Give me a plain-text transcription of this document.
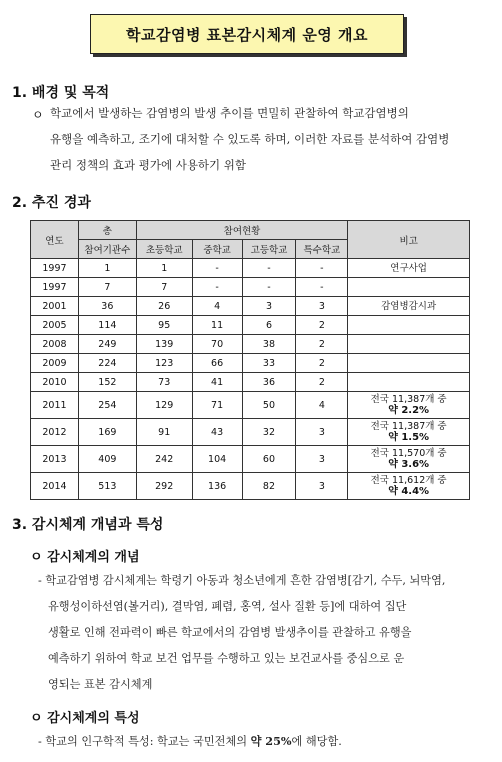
학교감염병 표본감시체계 운영 개요
1. 배경 및 목적
ㅇ 학교에서 발생하는 감염병의 발생 추이를 면밀히 관찰하여 학교감염병의
유행을 예측하고, 조기에 대처할 수 있도록 하며, 이러한 자료를 분석하여 감염병
관리 정책의 효과 평가에 사용하기 위함
2. 추진 경과
연도	총	참여현황				비고
	참여기관수	초등학교	중학교	고등학교	특수학교	
1997	1	1	-	-	-	연구사업
1997	7	7	-	-	-	
2001	36	26	4	3	3	감염병감시과
2005	114	95	11	6	2	
2008	249	139	70	38	2	
2009	224	123	66	33	2	
2010	152	73	41	36	2	
2011	254	129	71	50	4	전국 11,387개 중
약 2.2%

2012	169	91	43	32	3	전국 11,387개 중
약 1.5%

2013	409	242	104	60	3	전국 11,570개 중
약 3.6%

2014	513	292	136	82	3	전국 11,612개 중
약 4.4%
3. 감시체계 개념과 특성
ㅇ 감시체계의 개념
- 학교감염병 감시체계는 학령기 아동과 청소년에게 흔한 감염병[감기, 수두, 뇌막염,
유행성이하선염(볼거리), 결막염, 폐렴, 홍역, 설사 질환 등]에 대하여 집단
생활로 인해 전파력이 빠른 학교에서의 감염병 발생추이를 관찰하고 유행을
예측하기 위하여 학교 보건 업무를 수행하고 있는 보건교사를 중심으로 운
영되는 표본 감시체계
ㅇ 감시체계의 특성
- 학교의 인구학적 특성: 학교는 국민전체의 약 25%에 해당함.
